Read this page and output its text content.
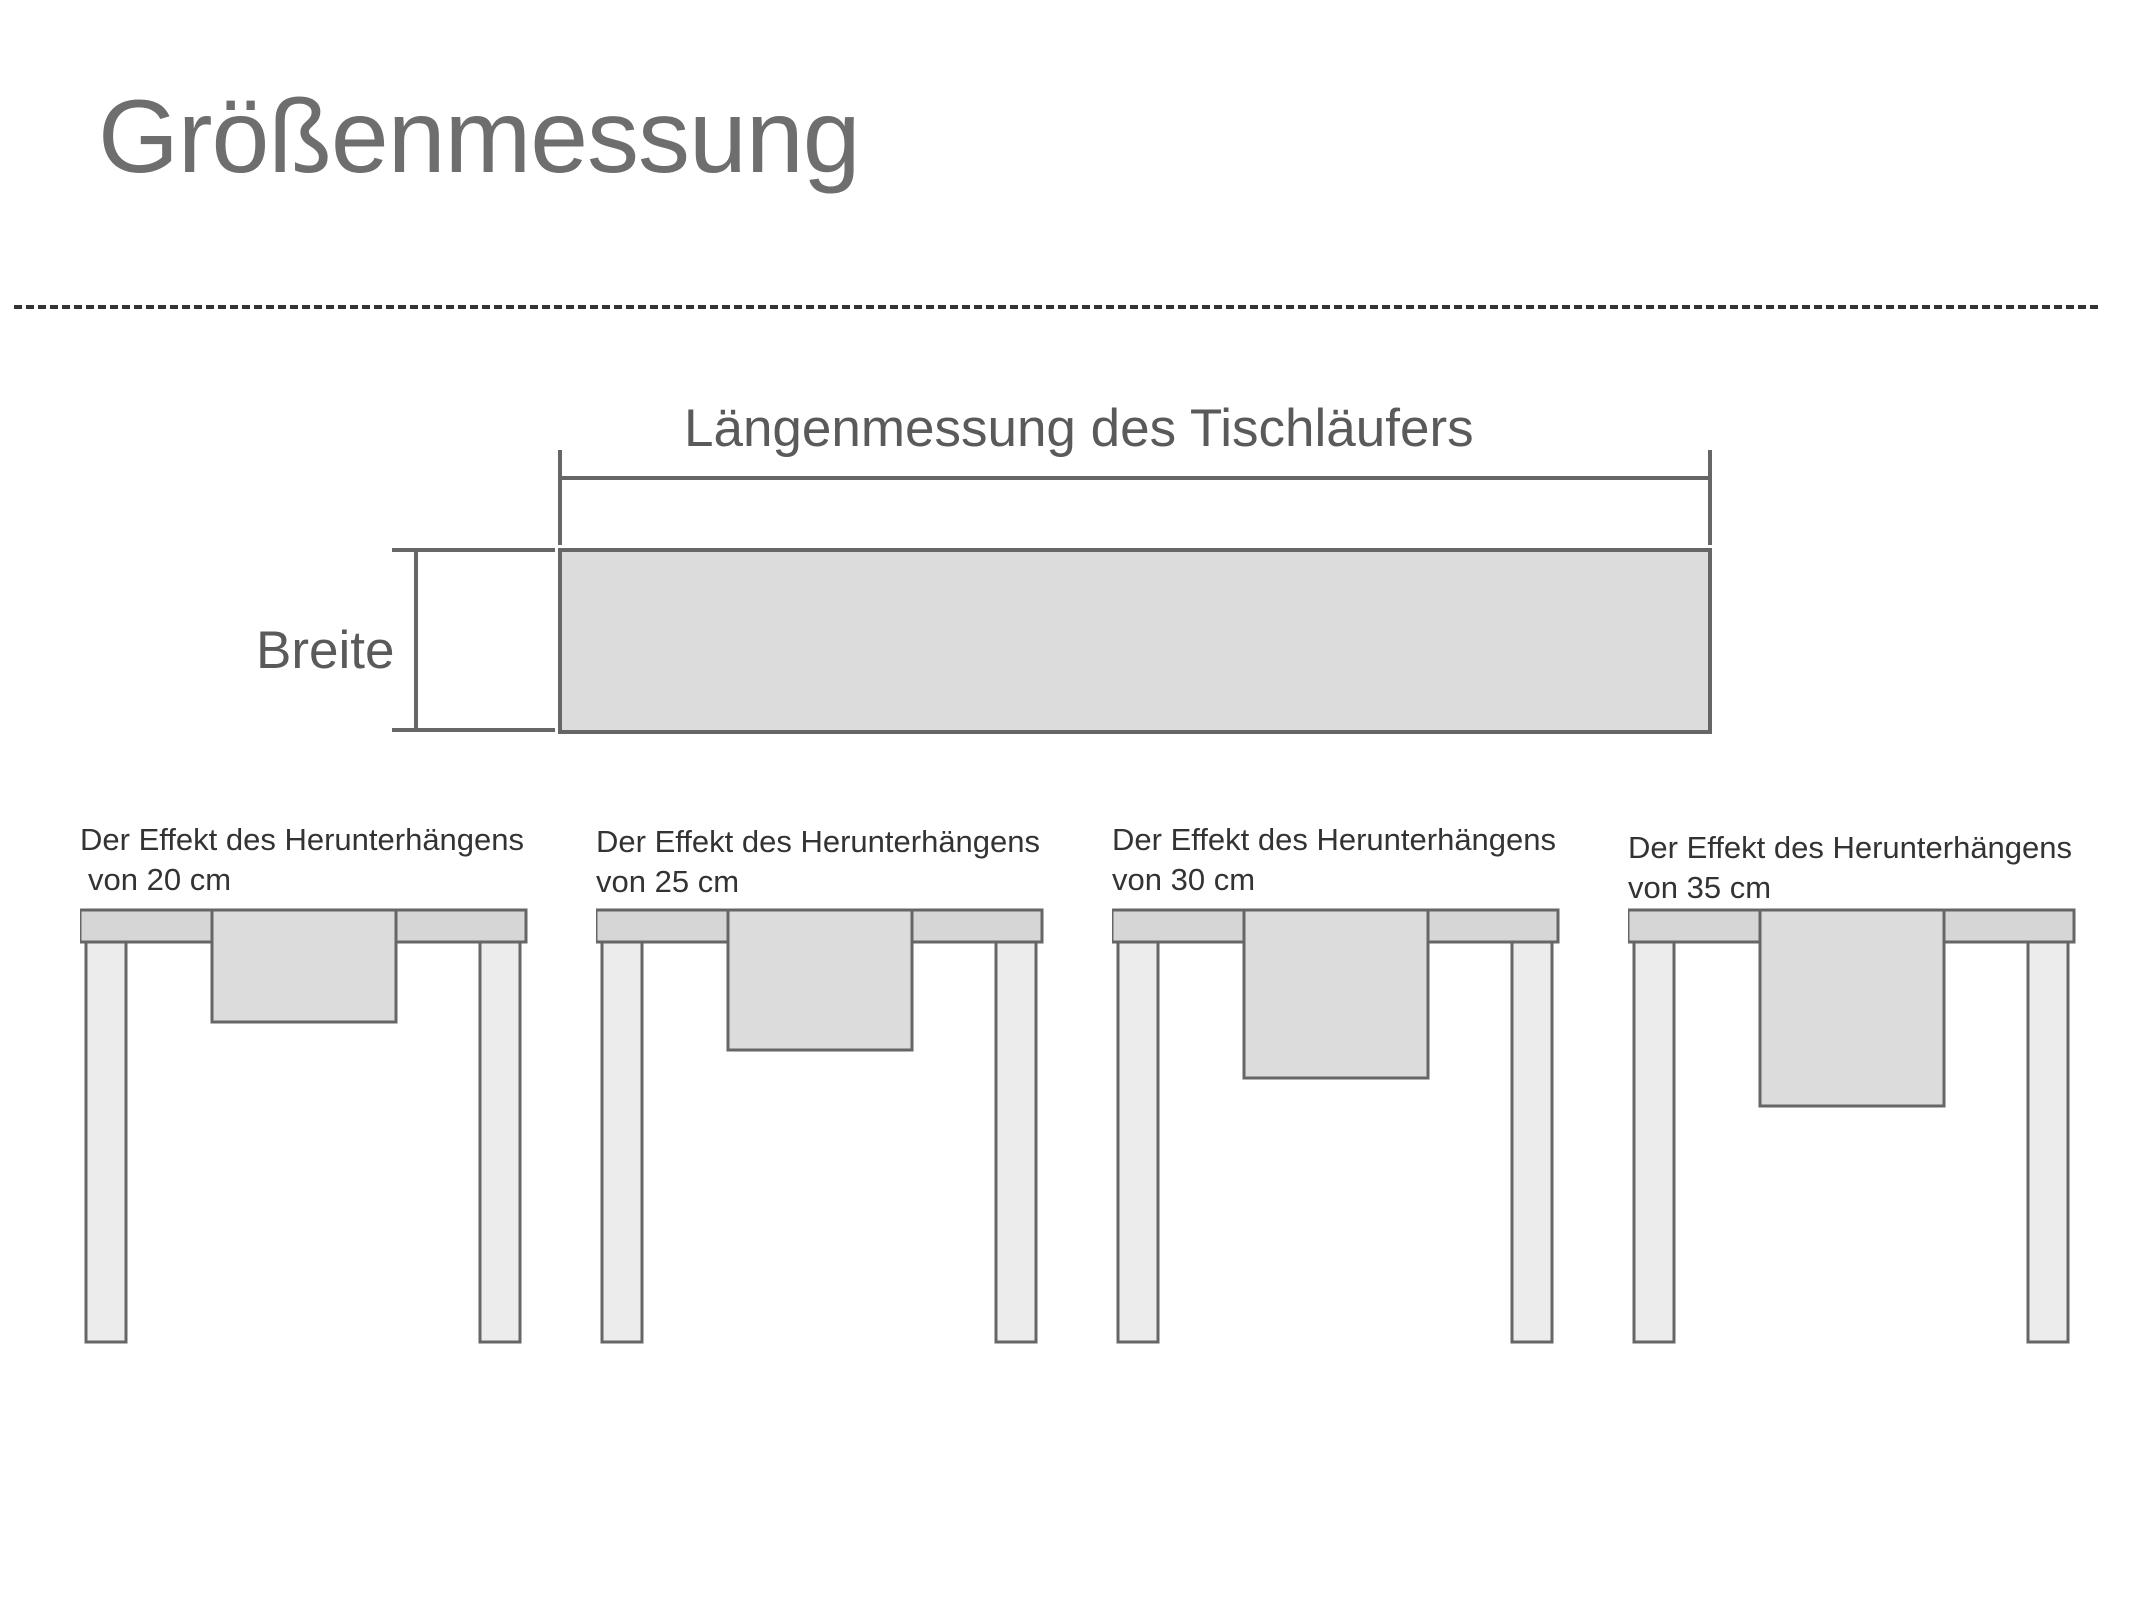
Größenmessung
Längenmessung des Tischläufers
Breite
Der Effekt des Herunterhängens
von 20 cm
Der Effekt des Herunterhängens
von 25 cm
Der Effekt des Herunterhängens
von 30 cm
Der Effekt des Herunterhängens
von 35 cm
